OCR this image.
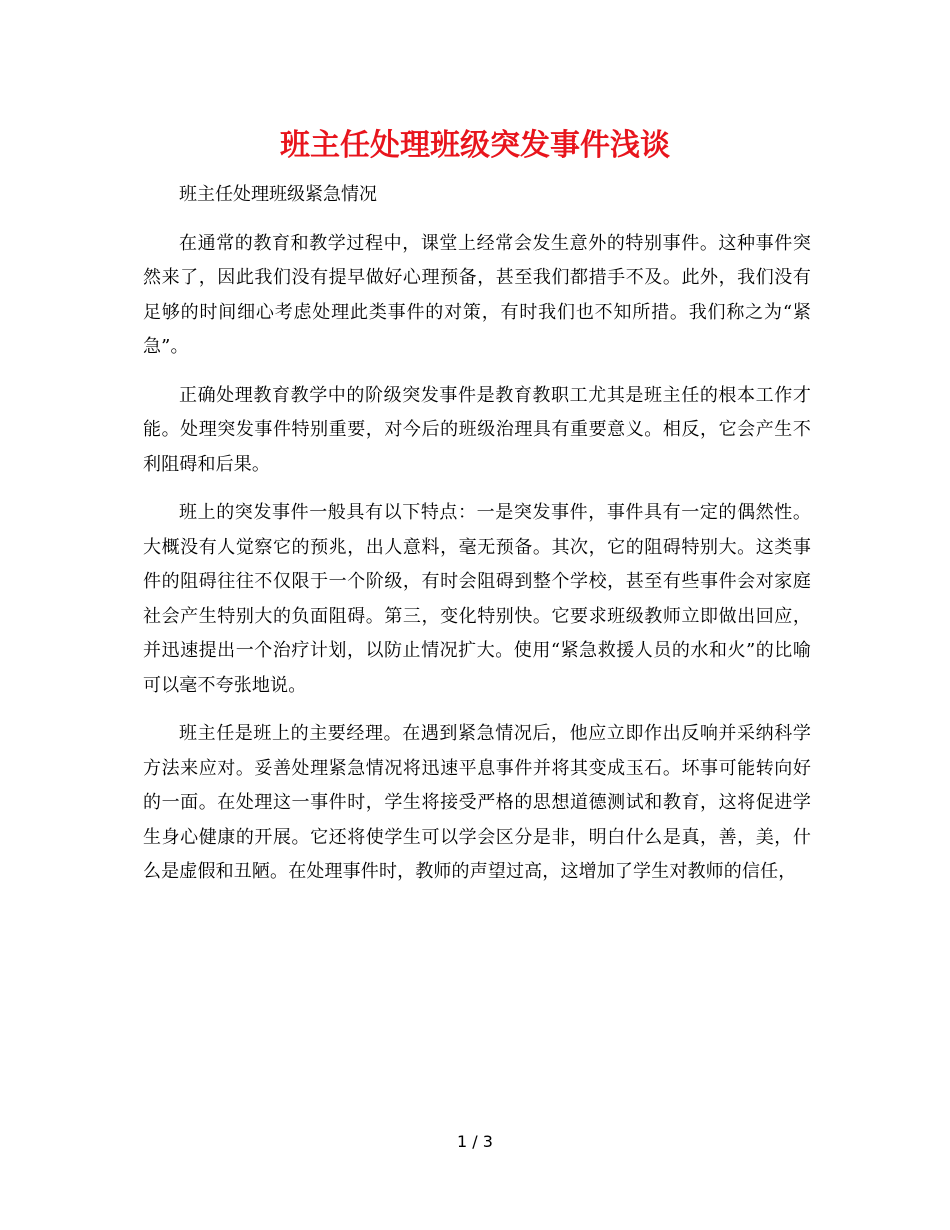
班主任处理班级突发事件浅谈

班主任处理班级紧急情况

在通常的教育和教学过程中，课堂上经常会发生意外的特别事件。这种事件突然来了，因此我们没有提早做好心理预备，甚至我们都措手不及。此外，我们没有足够的时间细心考虑处理此类事件的对策，有时我们也不知所措。我们称之为“紧急”。

正确处理教育教学中的阶级突发事件是教育教职工尤其是班主任的根本工作才能。处理突发事件特别重要，对今后的班级治理具有重要意义。相反，它会产生不利阻碍和后果。

班上的突发事件一般具有以下特点：一是突发事件，事件具有一定的偶然性。大概没有人觉察它的预兆，出人意料，毫无预备。其次，它的阻碍特别大。这类事件的阻碍往往不仅限于一个阶级，有时会阻碍到整个学校，甚至有些事件会对家庭社会产生特别大的负面阻碍。第三，变化特别快。它要求班级教师立即做出回应，并迅速提出一个治疗计划，以防止情况扩大。使用“紧急救援人员的水和火”的比喻可以毫不夸张地说。

班主任是班上的主要经理。在遇到紧急情况后，他应立即作出反响并采纳科学方法来应对。妥善处理紧急情况将迅速平息事件并将其变成玉石。坏事可能转向好的一面。在处理这一事件时，学生将接受严格的思想道德测试和教育，这将促进学生身心健康的开展。它还将使学生可以学会区分是非，明白什么是真，善，美，什么是虚假和丑陋。在处理事件时，教师的声望过高，这增加了学生对教师的信任，

1 / 3
